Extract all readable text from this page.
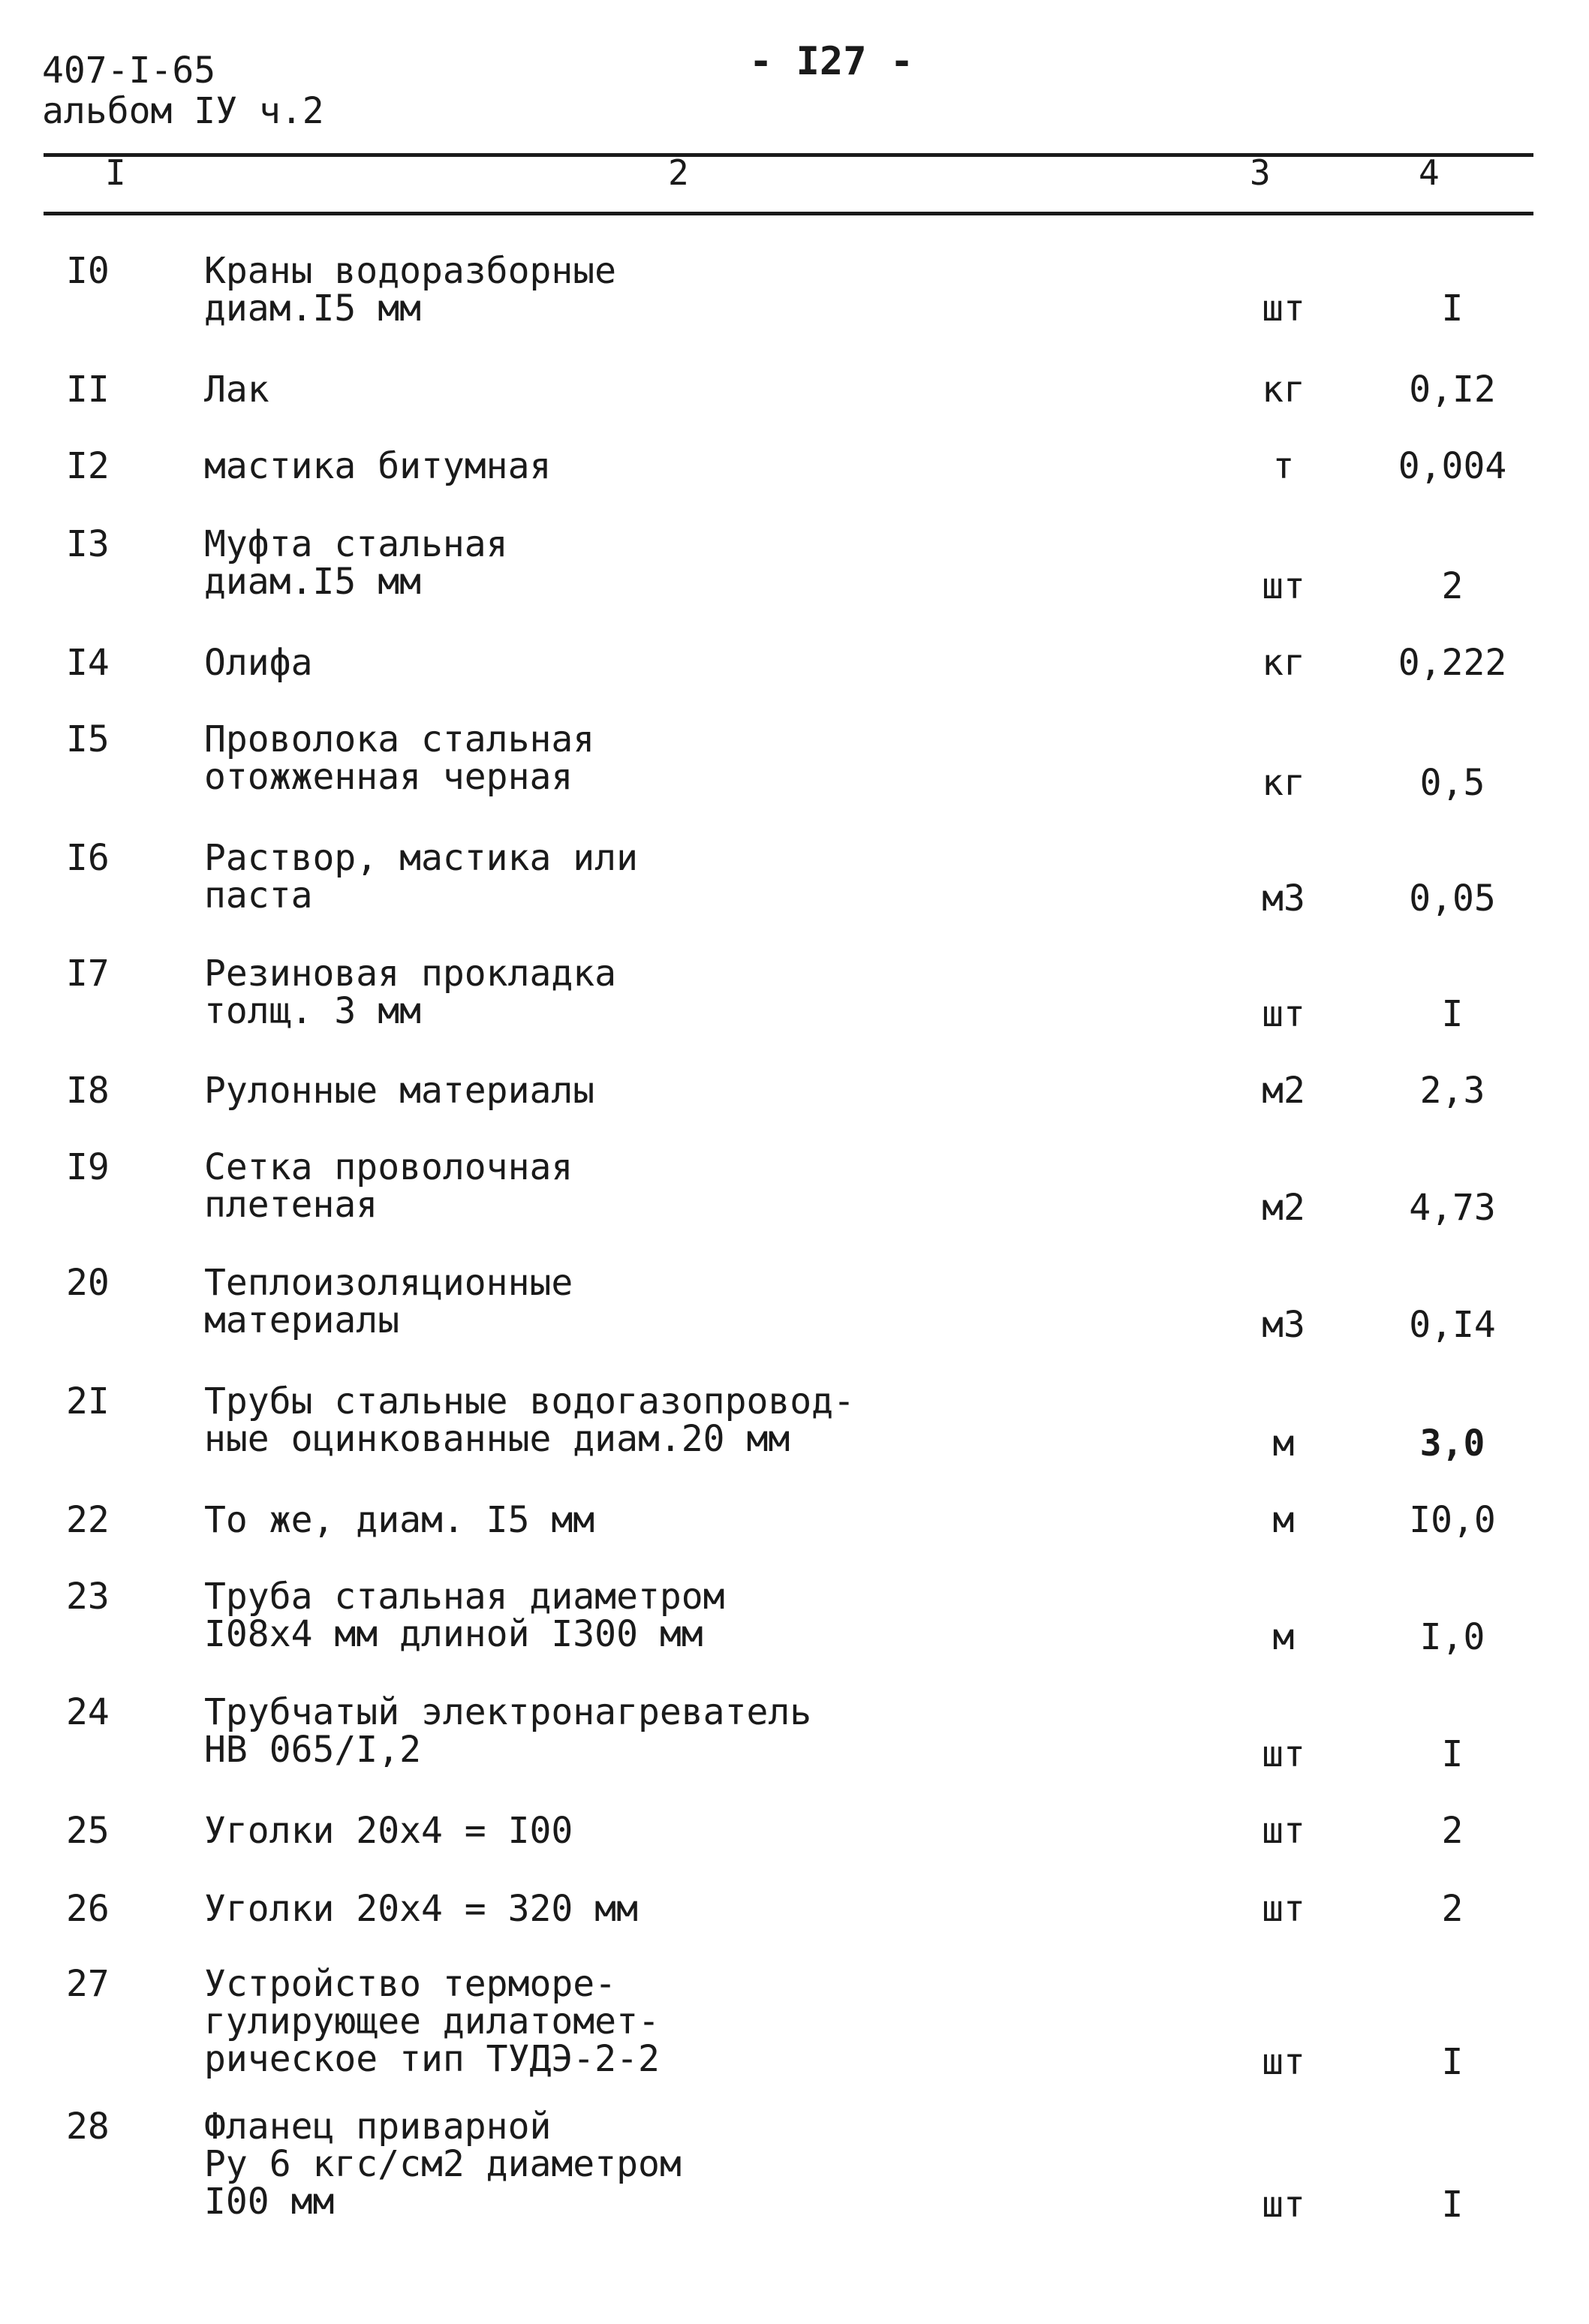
407-I-65
альбом IУ ч.2
- I27 -
I	2	3	4
I0	Краны водоразборные
диам.I5 мм	шт	I
II	Лак	кг	0,I2
I2	мастика битумная	т	0,004
I3	Муфта стальная
диам.I5 мм	шт	2
I4	Олифа	кг	0,222
I5	Проволока стальная
отожженная черная	кг	0,5
I6	Раствор, мастика или
паста	м3	0,05
I7	Резиновая прокладка
толщ. 3 мм	шт	I
I8	Рулонные материалы	м2	2,3
I9	Сетка проволочная
плетеная	м2	4,73
20	Теплоизоляционные
материалы	м3	0,I4
2I	Трубы стальные водогазопровод-
ные оцинкованные диам.20 мм	м	3,0
22	То же, диам. I5 мм	м	I0,0
23	Труба стальная диаметром
I08x4 мм длиной I300 мм	м	I,0
24	Трубчатый электронагреватель
НВ 065/I,2	шт	I
25	Уголки 20x4 = I00	шт	2
26	Уголки 20x4 = 320 мм	шт	2
27	Устройство терморе-
гулирующее дилатомет-
рическое тип ТУДЭ-2-2	шт	I
28	Фланец приварной
Ру 6 кгс/см2 диаметром
I00 мм	шт	I
